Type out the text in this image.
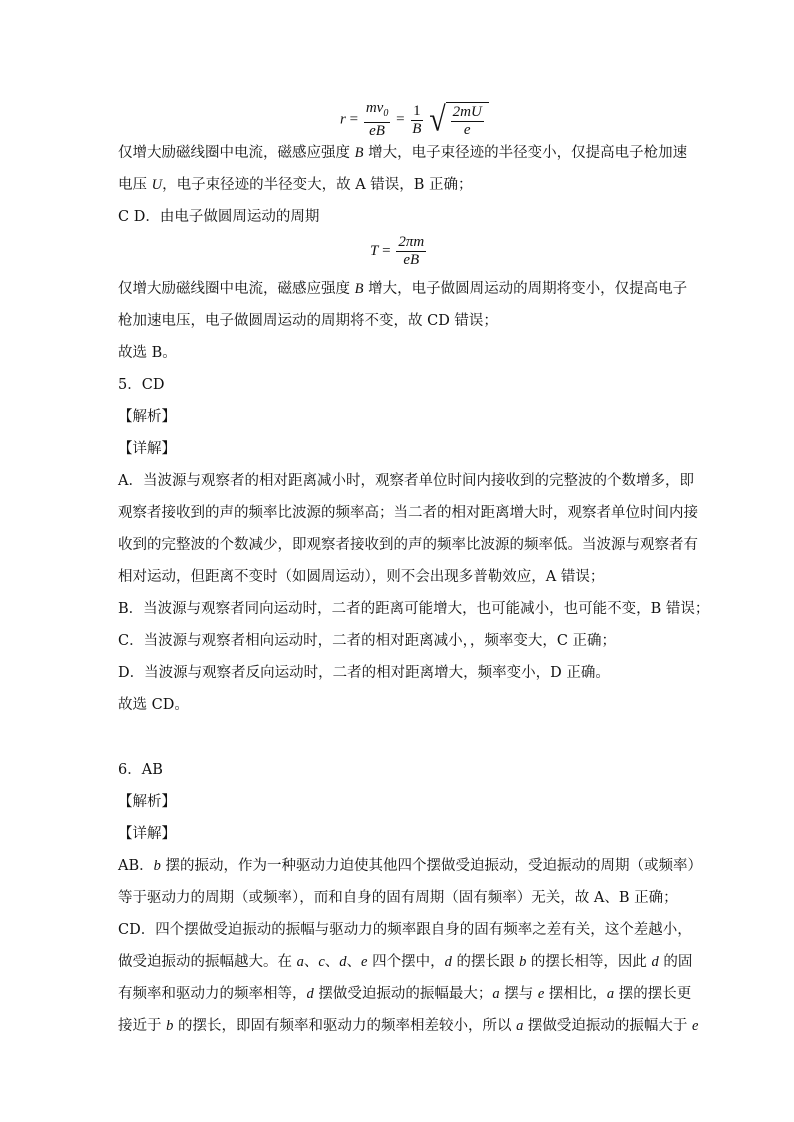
$r = \frac{mv_0}{eB} = \frac{1}{B}$
√ $\frac{2mU}{e}$
仅增大励磁线圈中电流，磁感应强度 B 增大，电子束径迹的半径变小，仅提高电子枪加速
电压 U，电子束径迹的半径变大，故 A 错误，B 正确；
C D．由电子做圆周运动的周期
$T = \frac{2\pi m}{eB}$
仅增大励磁线圈中电流，磁感应强度 B 增大，电子做圆周运动的周期将变小，仅提高电子
枪加速电压，电子做圆周运动的周期将不变，故 CD 错误；
故选 B。
5．CD
【解析】
【详解】
A．当波源与观察者的相对距离减小时，观察者单位时间内接收到的完整波的个数增多，即
观察者接收到的声的频率比波源的频率高；当二者的相对距离增大时，观察者单位时间内接
收到的完整波的个数减少，即观察者接收到的声的频率比波源的频率低。当波源与观察者有
相对运动，但距离不变时（如圆周运动），则不会出现多普勒效应，A 错误；
B．当波源与观察者同向运动时，二者的距离可能增大，也可能减小，也可能不变，B 错误；
C．当波源与观察者相向运动时，二者的相对距离减小，，频率变大，C 正确；
D．当波源与观察者反向运动时，二者的相对距离增大，频率变小，D 正确。
故选 CD。
6．AB
【解析】
【详解】
AB．b 摆的振动，作为一种驱动力迫使其他四个摆做受迫振动，受迫振动的周期（或频率）
等于驱动力的周期（或频率），而和自身的固有周期（固有频率）无关，故 A、B 正确；
CD．四个摆做受迫振动的振幅与驱动力的频率跟自身的固有频率之差有关，这个差越小，
做受迫振动的振幅越大。在 a、c、d、e 四个摆中，d 的摆长跟 b 的摆长相等，因此 d 的固
有频率和驱动力的频率相等，d 摆做受迫振动的振幅最大；a 摆与 e 摆相比，a 摆的摆长更
接近于 b 的摆长，即固有频率和驱动力的频率相差较小，所以 a 摆做受迫振动的振幅大于 e
